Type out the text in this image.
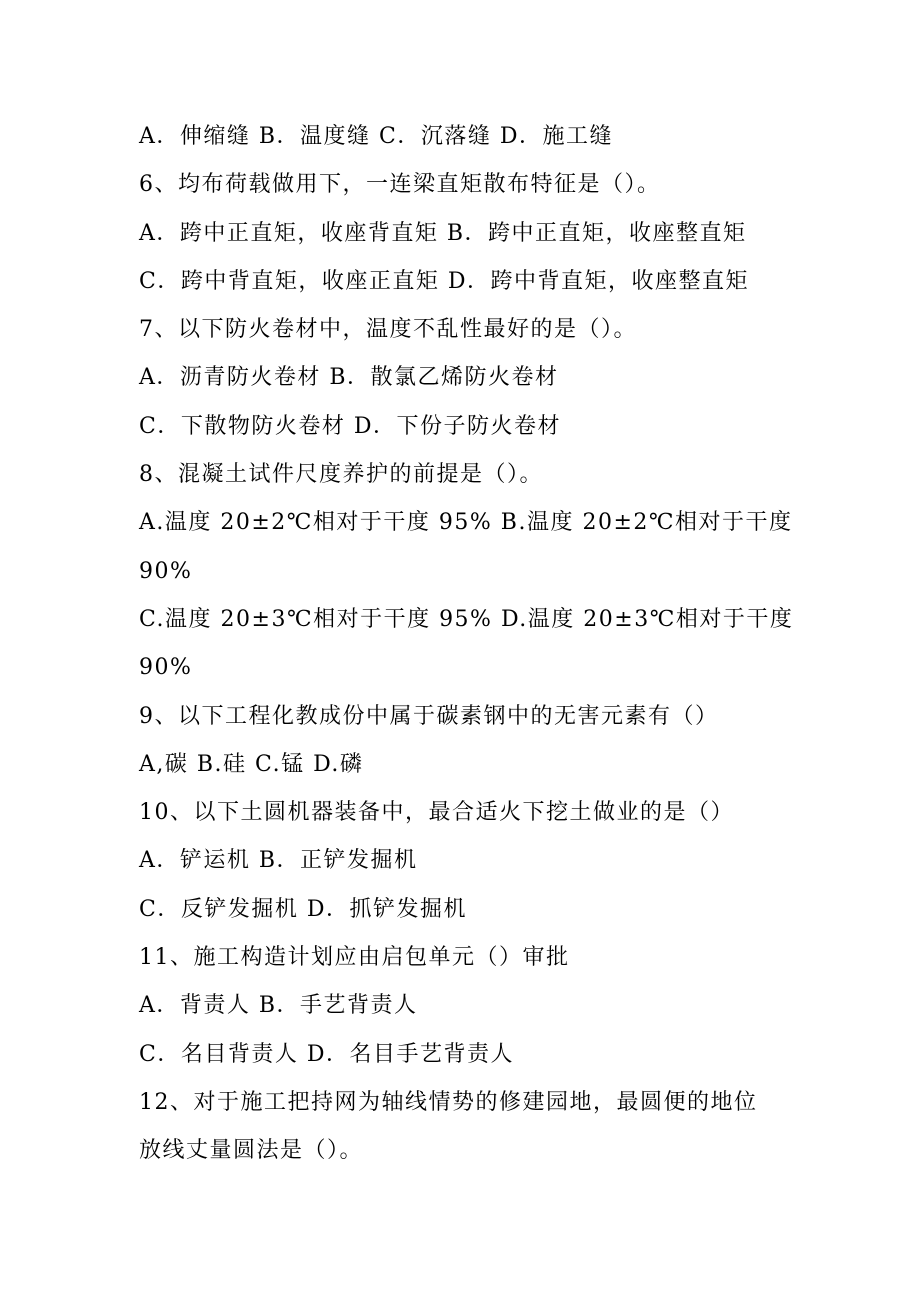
A．伸缩缝 B．温度缝 C．沉落缝 D．施工缝
6、均布荷载做用下，一连梁直矩散布特征是（）。
A．跨中正直矩，收座背直矩 B．跨中正直矩，收座整直矩
C．跨中背直矩，收座正直矩 D．跨中背直矩，收座整直矩
7、以下防火卷材中，温度不乱性最好的是（）。
A．沥青防火卷材 B．散氯乙烯防火卷材
C．下散物防火卷材 D．下份子防火卷材
8、混凝土试件尺度养护的前提是（）。
A.温度 20±2℃相对于干度 95% B.温度 20±2℃相对于干度
90%
C.温度 20±3℃相对于干度 95% D.温度 20±3℃相对于干度
90%
9、以下工程化教成份中属于碳素钢中的无害元素有（）
A,碳 B.硅 C.锰 D.磷
10、以下土圆机器装备中，最合适火下挖土做业的是（）
A．铲运机 B．正铲发掘机
C．反铲发掘机 D．抓铲发掘机
11、施工构造计划应由启包单元（）审批
A．背责人 B．手艺背责人
C．名目背责人 D．名目手艺背责人
12、对于施工把持网为轴线情势的修建园地，最圆便的地位
放线丈量圆法是（）。
